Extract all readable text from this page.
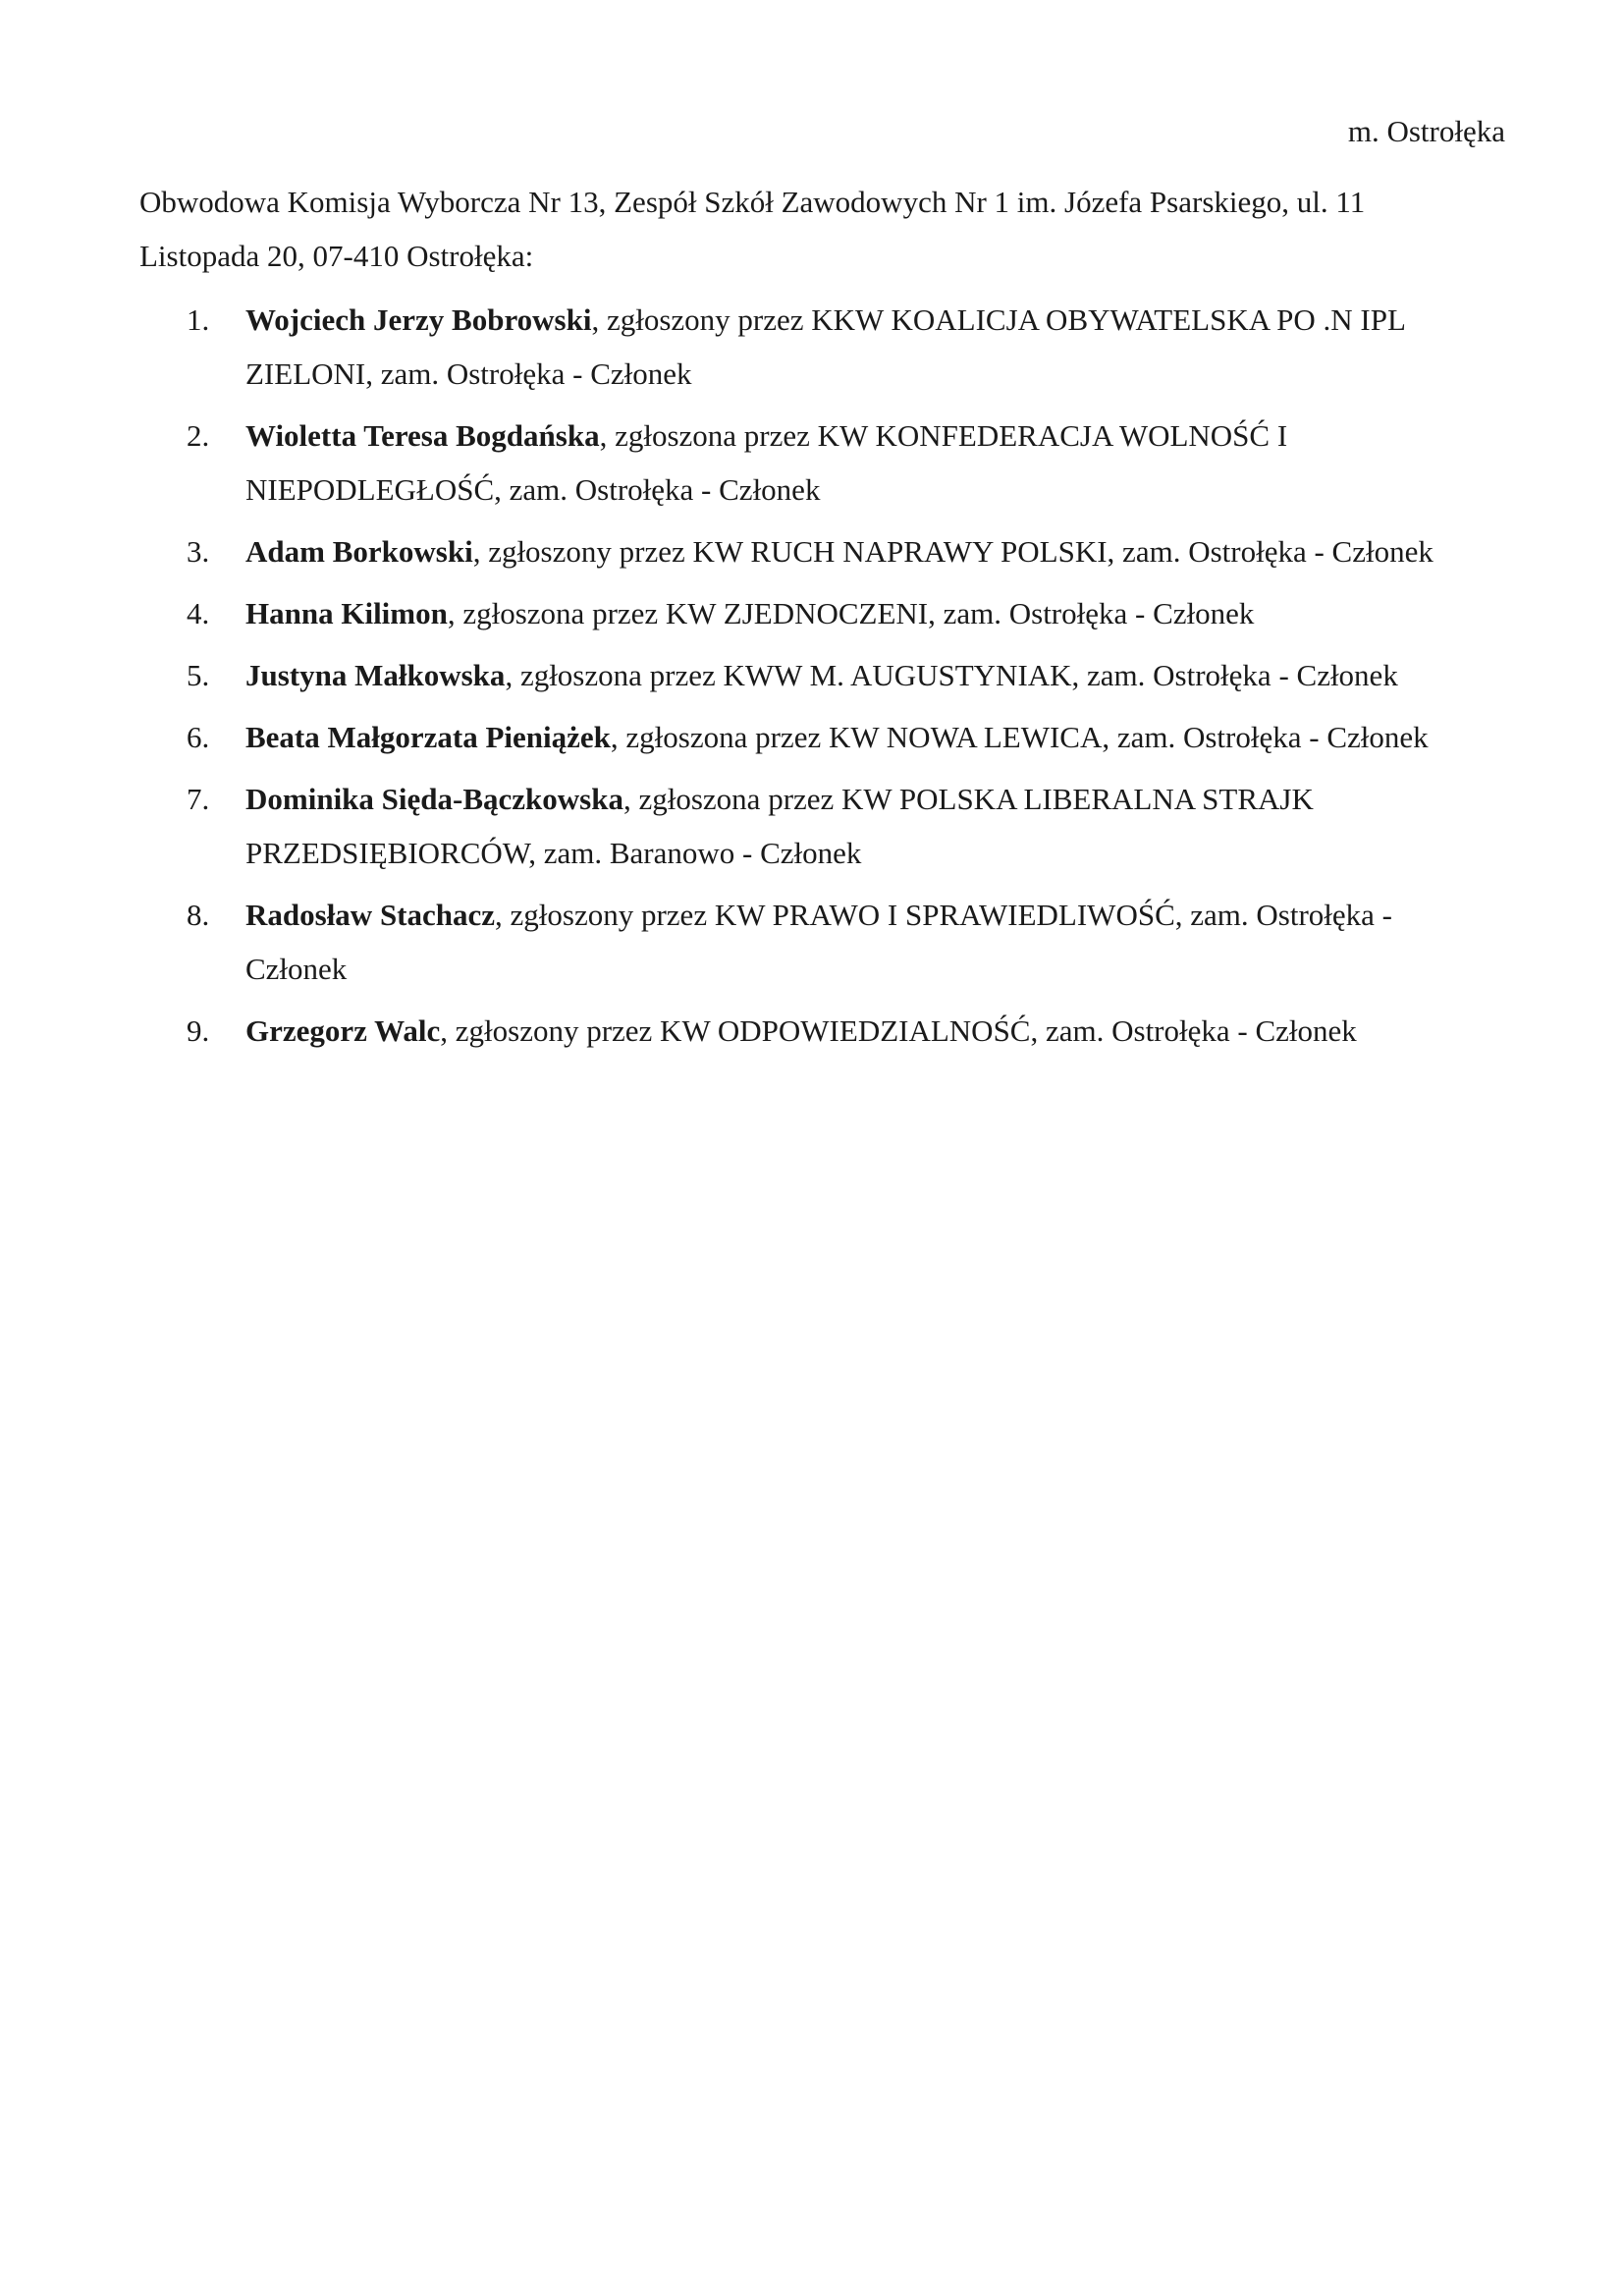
m. Ostrołęka
Obwodowa Komisja Wyborcza Nr 13, Zespół Szkół Zawodowych Nr 1 im. Józefa Psarskiego, ul. 11 Listopada 20, 07-410 Ostrołęka:
1. Wojciech Jerzy Bobrowski, zgłoszony przez KKW KOALICJA OBYWATELSKA PO .N IPL ZIELONI, zam. Ostrołęka - Członek
2. Wioletta Teresa Bogdańska, zgłoszona przez KW KONFEDERACJA WOLNOŚĆ I NIEPODLEGŁOŚĆ, zam. Ostrołęka - Członek
3. Adam Borkowski, zgłoszony przez KW RUCH NAPRAWY POLSKI, zam. Ostrołęka - Członek
4. Hanna Kilimon, zgłoszona przez KW ZJEDNOCZENI, zam. Ostrołęka - Członek
5. Justyna Małkowska, zgłoszona przez KWW M. AUGUSTYNIAK, zam. Ostrołęka - Członek
6. Beata Małgorzata Pieniążek, zgłoszona przez KW NOWA LEWICA, zam. Ostrołęka - Członek
7. Dominika Sięda-Bączkowska, zgłoszona przez KW POLSKA LIBERALNA STRAJK PRZEDSIĘBIORCÓW, zam. Baranowo - Członek
8. Radosław Stachacz, zgłoszony przez KW PRAWO I SPRAWIEDLIWOŚĆ, zam. Ostrołęka - Członek
9. Grzegorz Walc, zgłoszony przez KW ODPOWIEDZIALNOŚĆ, zam. Ostrołęka - Członek
